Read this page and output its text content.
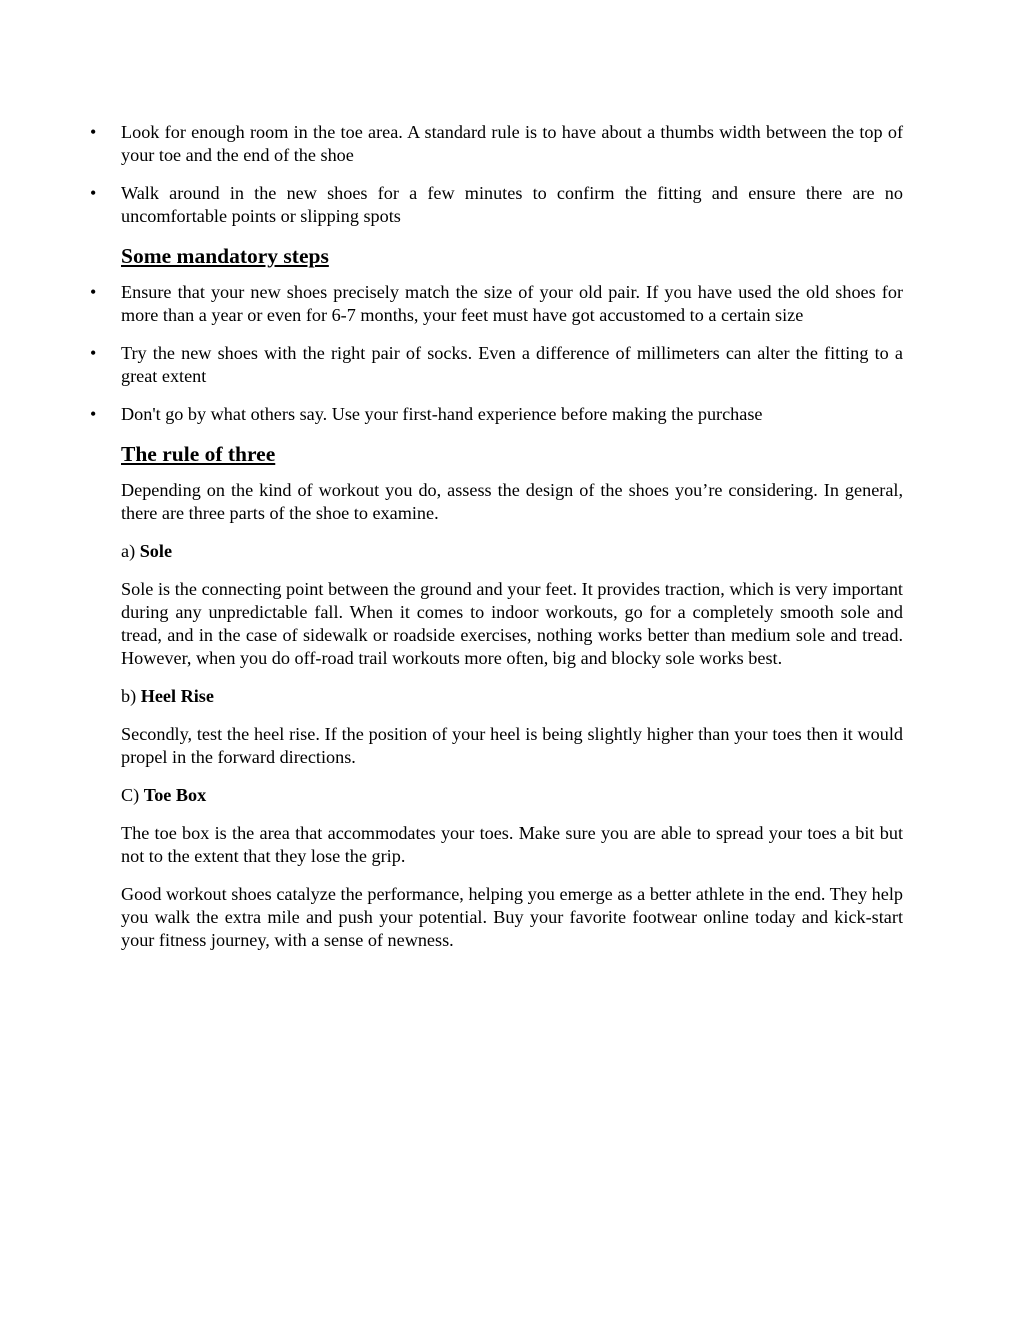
• Look for enough room in the toe area. A standard rule is to have about a thumbs width between the top of your toe and the end of the shoe
• Walk around in the new shoes for a few minutes to confirm the fitting and ensure there are no uncomfortable points or slipping spots
Some mandatory steps
• Ensure that your new shoes precisely match the size of your old pair. If you have used the old shoes for more than a year or even for 6-7 months, your feet must have got accustomed to a certain size
• Try the new shoes with the right pair of socks. Even a difference of millimeters can alter the fitting to a great extent
• Don't go by what others say. Use your first-hand experience before making the purchase
The rule of three

Depending on the kind of workout you do, assess the design of the shoes you’re considering. In general, there are three parts of the shoe to examine.

a) Sole

Sole is the connecting point between the ground and your feet. It provides traction, which is very important during any unpredictable fall. When it comes to indoor workouts, go for a completely smooth sole and tread, and in the case of sidewalk or roadside exercises, nothing works better than medium sole and tread. However, when you do off-road trail workouts more often, big and blocky sole works best.

b) Heel Rise

Secondly, test the heel rise. If the position of your heel is being slightly higher than your toes then it would propel in the forward directions.

C) Toe Box

The toe box is the area that accommodates your toes. Make sure you are able to spread your toes a bit but not to the extent that they lose the grip.

Good workout shoes catalyze the performance, helping you emerge as a better athlete in the end. They help you walk the extra mile and push your potential. Buy your favorite footwear online today and kick-start your fitness journey, with a sense of newness.
